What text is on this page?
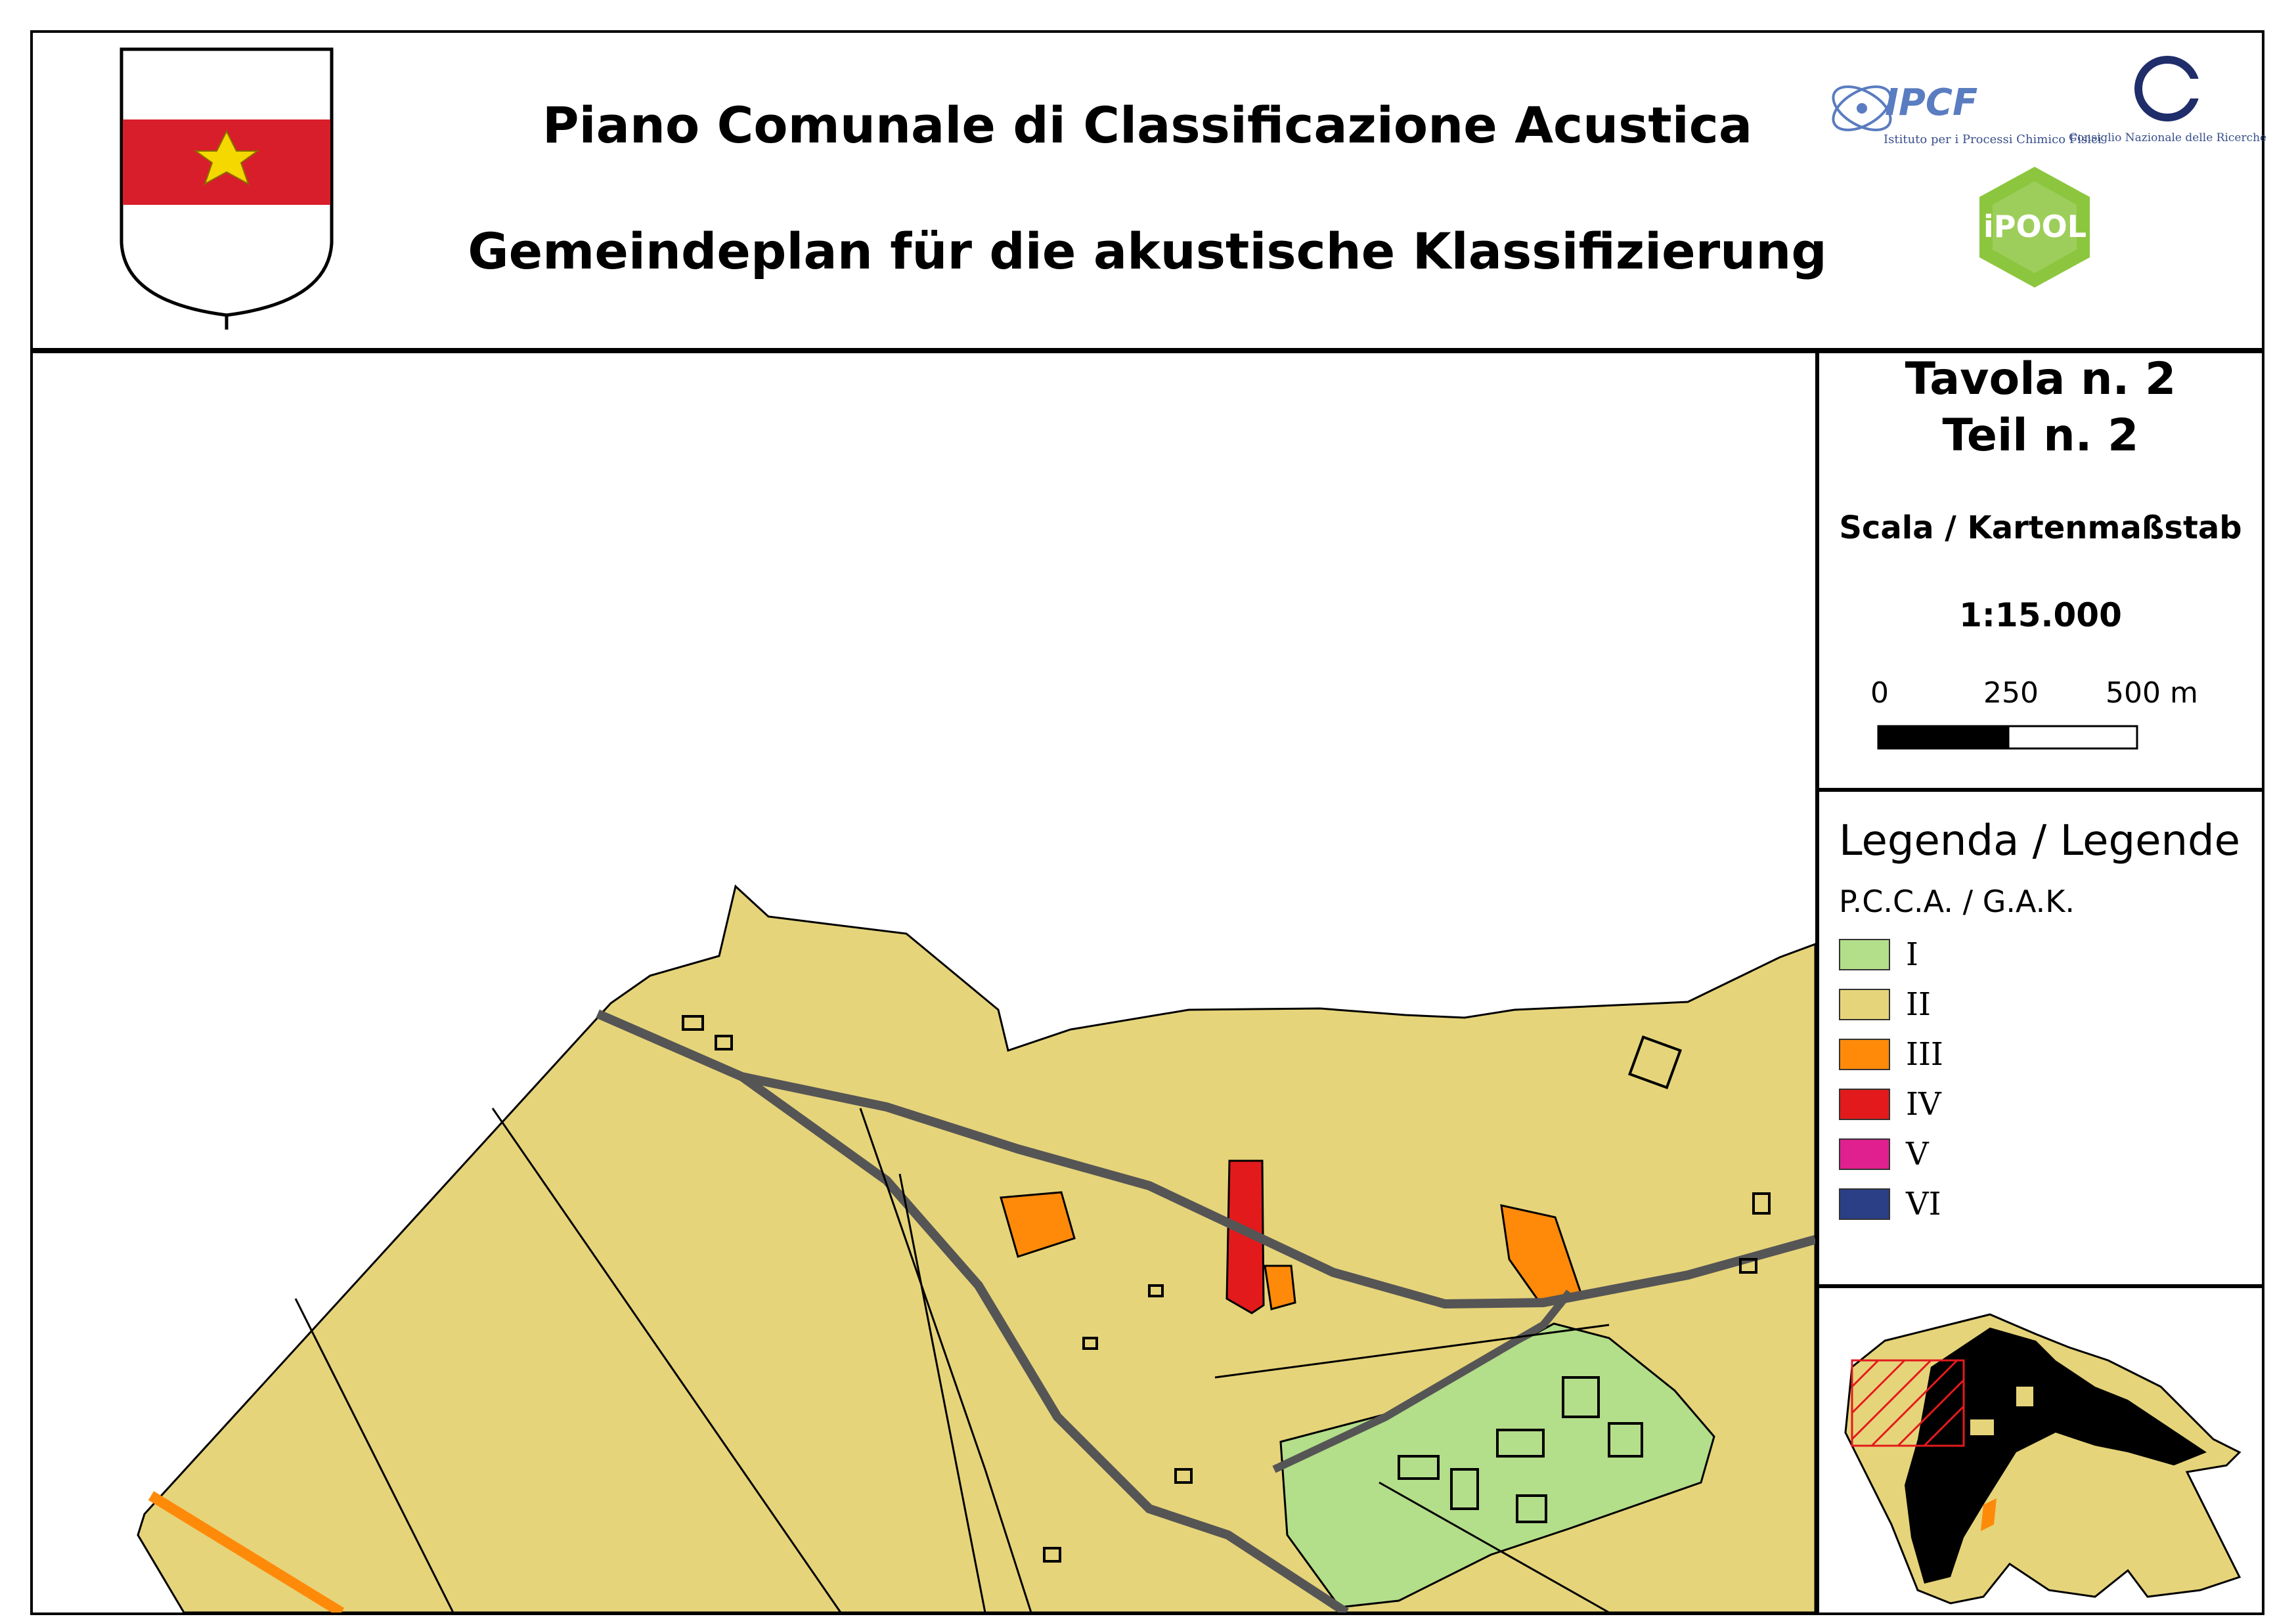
Piano Comunale di Classificazione Acustica
Gemeindeplan für die akustische Klassifizierung
IPCF
Istituto per i Processi Chimico Fisici
Consiglio Nazionale delle Ricerche
iPOOL
Tavola n. 2
Teil n. 2
Scala / Kartenmaßstab
1:15.000
0	250 500 m
Legenda / Legende
P.C.C.A. / G.A.K.
I
II
III
IV
V
VI
